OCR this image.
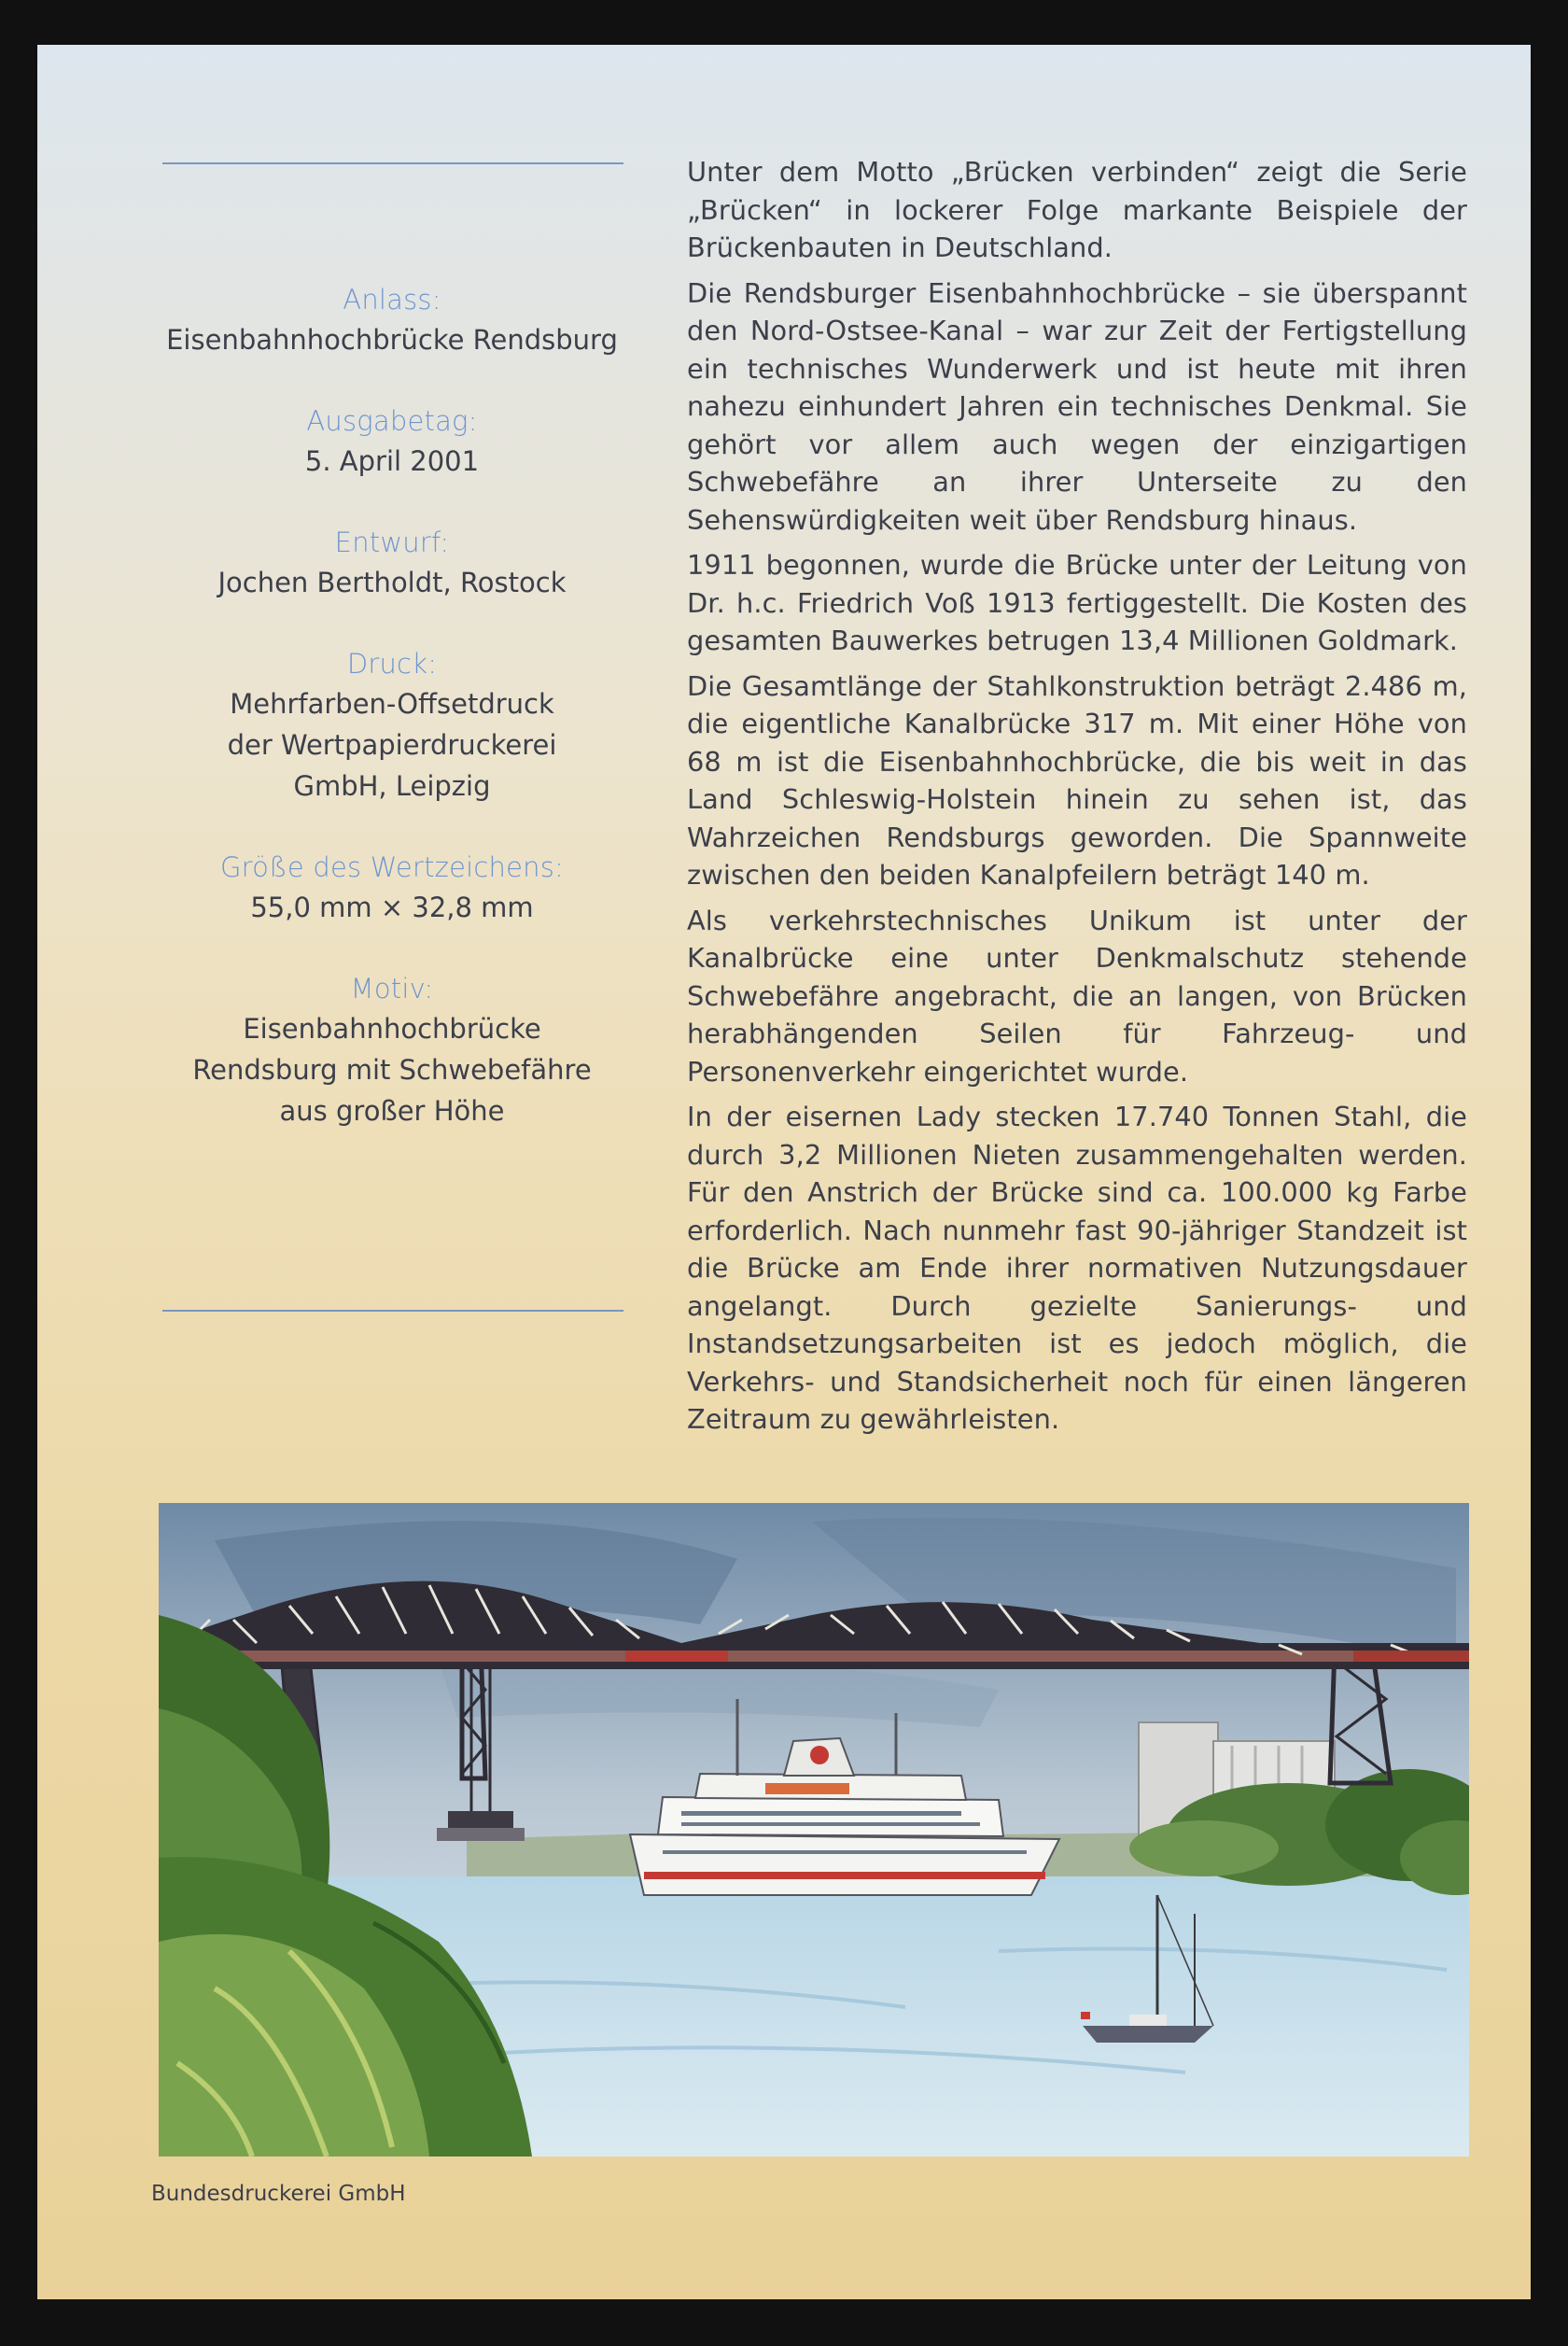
Anlass:
Eisenbahnhochbrücke Rendsburg
Ausgabetag:
5. April 2001
Entwurf:
Jochen Bertholdt, Rostock
Druck:
Mehrfarben-Offsetdruck
der Wertpapierdruckerei
GmbH, Leipzig
Größe des Wertzeichens:
55,0 mm × 32,8 mm
Motiv:
Eisenbahnhochbrücke
Rendsburg mit Schwebefähre
aus großer Höhe

Unter dem Motto „Brücken verbinden“ zeigt die Serie „Brücken“ in lockerer Folge markante Beispiele der Brückenbauten in Deutschland.

Die Rendsburger Eisenbahnhochbrücke – sie überspannt den Nord-Ostsee-Kanal – war zur Zeit der Fertigstellung ein technisches Wunderwerk und ist heute mit ihren nahezu einhundert Jahren ein technisches Denkmal. Sie gehört vor allem auch wegen der einzigartigen Schwebefähre an ihrer Unterseite zu den Sehenswürdigkeiten weit über Rendsburg hinaus.

1911 begonnen, wurde die Brücke unter der Leitung von Dr. h.c. Friedrich Voß 1913 fertiggestellt. Die Kosten des gesamten Bauwerkes betrugen 13,4 Millionen Goldmark.

Die Gesamtlänge der Stahlkonstruktion beträgt 2.486 m, die eigentliche Kanalbrücke 317 m. Mit einer Höhe von 68 m ist die Eisenbahnhochbrücke, die bis weit in das Land Schleswig-Holstein hinein zu sehen ist, das Wahrzeichen Rendsburgs geworden. Die Spannweite zwischen den beiden Kanalpfeilern beträgt 140 m.

Als verkehrstechnisches Unikum ist unter der Kanalbrücke eine unter Denkmalschutz stehende Schwebefähre angebracht, die an langen, von Brücken herabhängenden Seilen für Fahrzeug- und Personenverkehr eingerichtet wurde.

In der eisernen Lady stecken 17.740 Tonnen Stahl, die durch 3,2 Millionen Nieten zusammengehalten werden. Für den Anstrich der Brücke sind ca. 100.000 kg Farbe erforderlich. Nach nunmehr fast 90-jähriger Standzeit ist die Brücke am Ende ihrer normativen Nutzungsdauer angelangt. Durch gezielte Sanierungs- und Instandsetzungsarbeiten ist es jedoch möglich, die Verkehrs- und Standsicherheit noch für einen längeren Zeitraum zu gewährleisten.

Bundesdruckerei GmbH
